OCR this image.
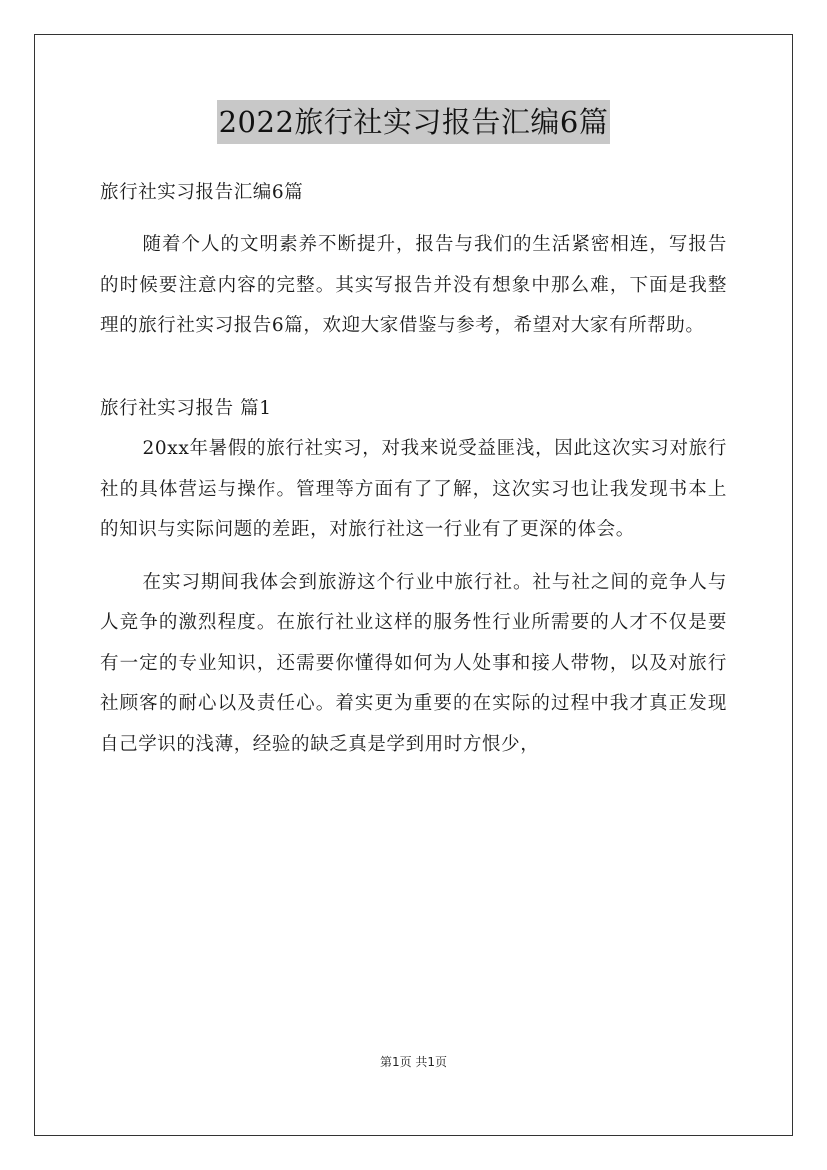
2022旅行社实习报告汇编6篇

旅行社实习报告汇编6篇

随着个人的文明素养不断提升，报告与我们的生活紧密相连，写报告的时候要注意内容的完整。其实写报告并没有想象中那么难，下面是我整理的旅行社实习报告6篇，欢迎大家借鉴与参考，希望对大家有所帮助。

旅行社实习报告 篇1

20xx年暑假的旅行社实习，对我来说受益匪浅，因此这次实习对旅行社的具体营运与操作。管理等方面有了了解，这次实习也让我发现书本上的知识与实际问题的差距，对旅行社这一行业有了更深的体会。

在实习期间我体会到旅游这个行业中旅行社。社与社之间的竞争人与人竞争的激烈程度。在旅行社业这样的服务性行业所需要的人才不仅是要有一定的专业知识，还需要你懂得如何为人处事和接人带物，以及对旅行社顾客的耐心以及责任心。着实更为重要的在实际的过程中我才真正发现自己学识的浅薄，经验的缺乏真是学到用时方恨少，

第1页 共1页
